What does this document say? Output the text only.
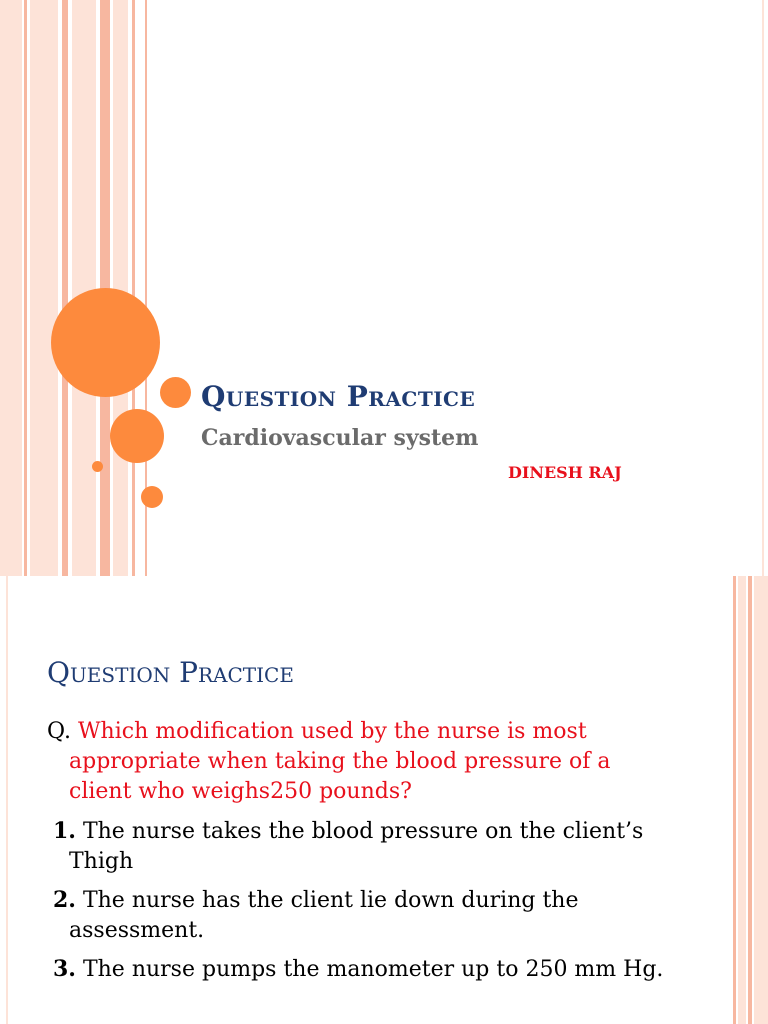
Question Practice
Cardiovascular system
DINESH RAJ
Question Practice
Q. Which modification used by the nurse is most appropriate when taking the blood pressure of a client who weighs250 pounds?
1. The nurse takes the blood pressure on the client’s Thigh
2. The nurse has the client lie down during the assessment.
3. The nurse pumps the manometer up to 250 mm Hg.
